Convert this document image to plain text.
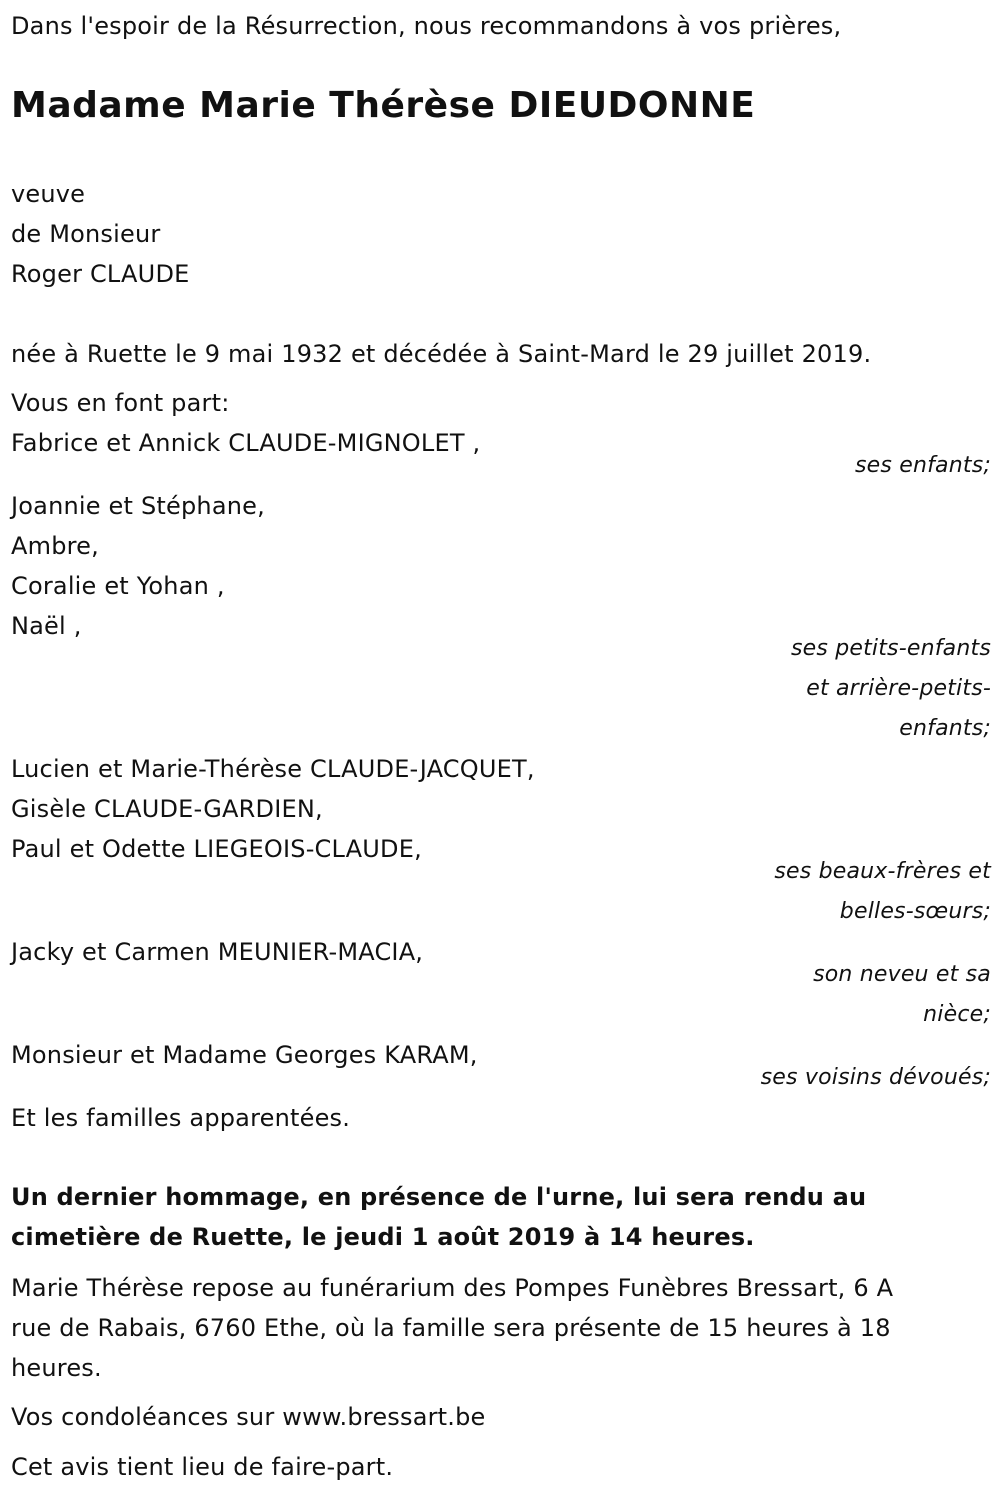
Dans l'espoir de la Résurrection, nous recommandons à vos prières,
Madame Marie Thérèse DIEUDONNE
veuve
de Monsieur
Roger CLAUDE
née à Ruette le 9 mai 1932 et décédée à Saint-Mard le 29 juillet 2019.
Vous en font part:
Fabrice et Annick CLAUDE-MIGNOLET ,
ses enfants;
Joannie et Stéphane,
Ambre,
Coralie et Yohan ,
Naël ,
ses petits-enfants
et arrière-petits-
enfants;
Lucien et Marie-Thérèse CLAUDE-JACQUET,
Gisèle CLAUDE-GARDIEN,
Paul et Odette LIEGEOIS-CLAUDE,
ses beaux-frères et
belles-sœurs;
Jacky et Carmen MEUNIER-MACIA,
son neveu et sa
nièce;
Monsieur et Madame Georges KARAM,
ses voisins dévoués;
Et les familles apparentées.
Un dernier hommage, en présence de l'urne, lui sera rendu au
cimetière de Ruette, le jeudi 1 août 2019 à 14 heures.
Marie Thérèse repose au funérarium des Pompes Funèbres Bressart, 6 A
rue de Rabais, 6760 Ethe, où la famille sera présente de 15 heures à 18
heures.
Vos condoléances sur www.bressart.be
Cet avis tient lieu de faire-part.
